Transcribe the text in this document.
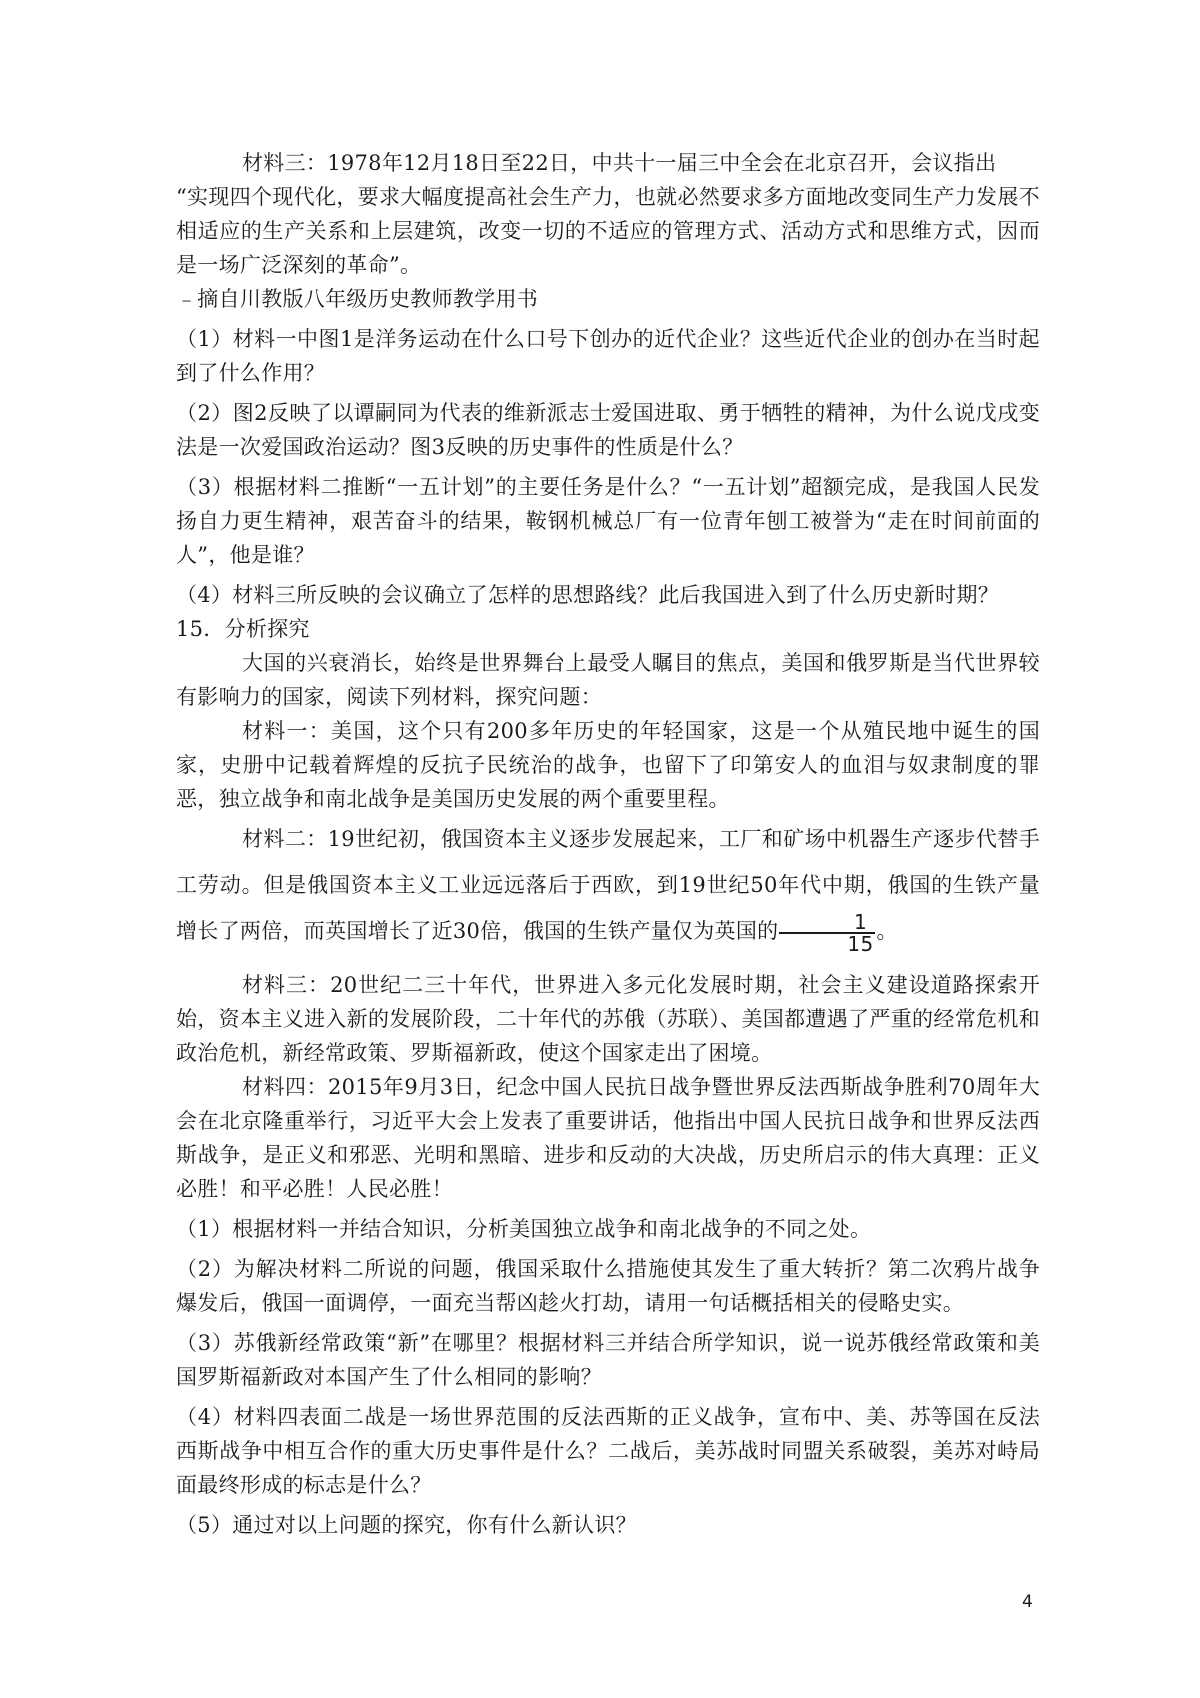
材料三：1978年12月18日至22日，中共十一届三中全会在北京召开，会议指出

“实现四个现代化，要求大幅度提高社会生产力，也就必然要求多方面地改变同生产力发展不相适应的生产关系和上层建筑，改变一切的不适应的管理方式、活动方式和思维方式，因而是一场广泛深刻的革命”。

﹣摘自川教版八年级历史教师教学用书

（1）材料一中图1是洋务运动在什么口号下创办的近代企业？这些近代企业的创办在当时起到了什么作用？

（2）图2反映了以谭嗣同为代表的维新派志士爱国进取、勇于牺牲的精神，为什么说戊戌变法是一次爱国政治运动？图3反映的历史事件的性质是什么？

（3）根据材料二推断“一五计划”的主要任务是什么？“一五计划”超额完成，是我国人民发扬自力更生精神，艰苦奋斗的结果，鞍钢机械总厂有一位青年刨工被誉为“走在时间前面的人”，他是谁？

（4）材料三所反映的会议确立了怎样的思想路线？此后我国进入到了什么历史新时期？

15．分析探究

大国的兴衰消长，始终是世界舞台上最受人瞩目的焦点，美国和俄罗斯是当代世界较有影响力的国家，阅读下列材料，探究问题：

材料一：美国，这个只有200多年历史的年轻国家，这是一个从殖民地中诞生的国家，史册中记载着辉煌的反抗子民统治的战争，也留下了印第安人的血泪与奴隶制度的罪恶，独立战争和南北战争是美国历史发展的两个重要里程。

材料二：19世纪初，俄国资本主义逐步发展起来，工厂和矿场中机器生产逐步代替手工劳动。但是俄国资本主义工业远远落后于西欧，到19世纪50年代中期，俄国的生铁产量增长了两倍，而英国增长了近30倍，俄国的生铁产量仅为英国的 $\frac{1}{15}$ 。

材料三：20世纪二三十年代，世界进入多元化发展时期，社会主义建设道路探索开始，资本主义进入新的发展阶段，二十年代的苏俄（苏联）、美国都遭遇了严重的经常危机和政治危机，新经常政策、罗斯福新政，使这个国家走出了困境。

材料四：2015年9月3日，纪念中国人民抗日战争暨世界反法西斯战争胜利70周年大会在北京隆重举行，习近平大会上发表了重要讲话，他指出中国人民抗日战争和世界反法西斯战争，是正义和邪恶、光明和黑暗、进步和反动的大决战，历史所启示的伟大真理：正义必胜！和平必胜！人民必胜！

（1）根据材料一并结合知识，分析美国独立战争和南北战争的不同之处。

（2）为解决材料二所说的问题，俄国采取什么措施使其发生了重大转折？第二次鸦片战争爆发后，俄国一面调停，一面充当帮凶趁火打劫，请用一句话概括相关的侵略史实。

（3）苏俄新经常政策“新”在哪里？根据材料三并结合所学知识，说一说苏俄经常政策和美国罗斯福新政对本国产生了什么相同的影响？

（4）材料四表面二战是一场世界范围的反法西斯的正义战争，宣布中、美、苏等国在反法西斯战争中相互合作的重大历史事件是什么？二战后，美苏战时同盟关系破裂，美苏对峙局面最终形成的标志是什么？

（5）通过对以上问题的探究，你有什么新认识？

4
